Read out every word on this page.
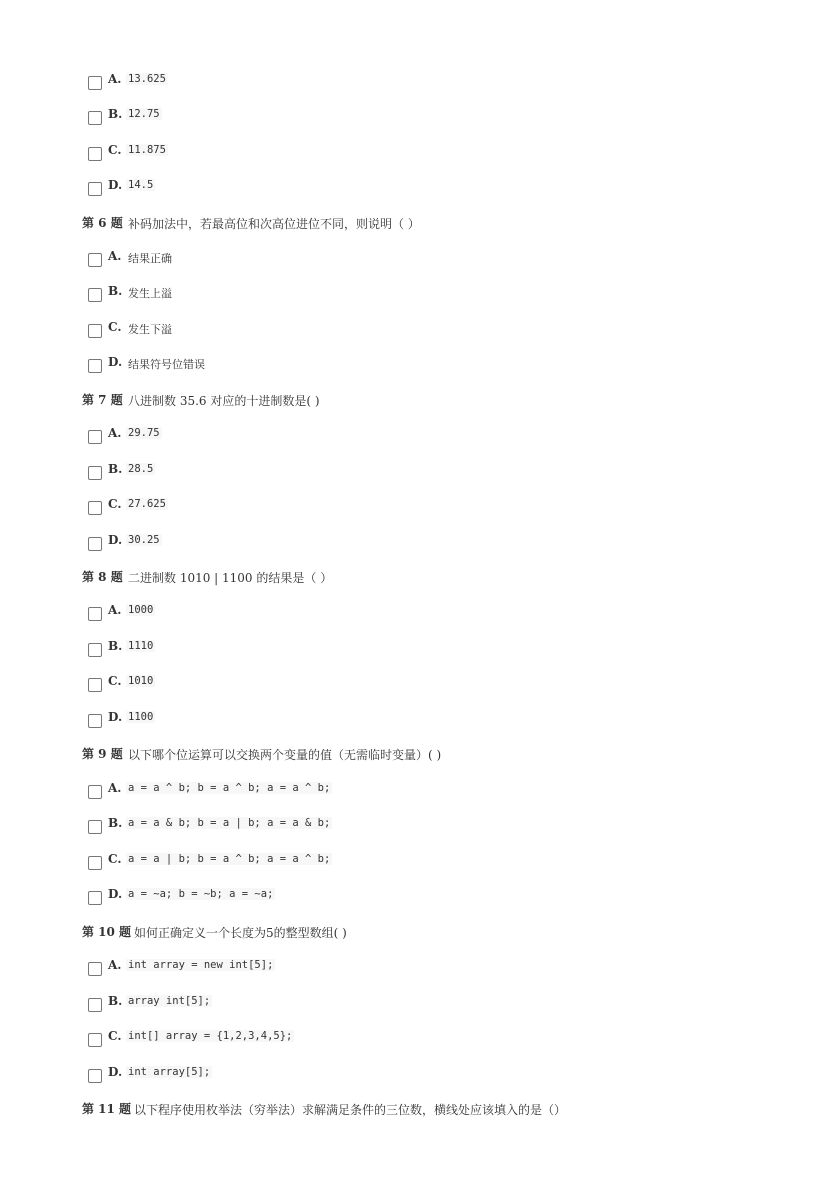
A. 13.625
B. 12.75
C. 11.875
D. 14.5
第 6 题 补码加法中，若最高位和次高位进位不同，则说明（ ）
A. 结果正确
B. 发生上溢
C. 发生下溢
D. 结果符号位错误
第 7 题 八进制数 35.6 对应的十进制数是( )
A. 29.75
B. 28.5
C. 27.625
D. 30.25
第 8 题 二进制数 1010 | 1100 的结果是（ ）
A. 1000
B. 1110
C. 1010
D. 1100
第 9 题 以下哪个位运算可以交换两个变量的值（无需临时变量）( )
A. a = a ^ b; b = a ^ b; a = a ^ b;
B. a = a & b; b = a | b; a = a & b;
C. a = a | b; b = a ^ b; a = a ^ b;
D. a = ~a; b = ~b; a = ~a;
第 10 题 如何正确定义一个长度为5的整型数组( )
A. int array = new int[5];
B. array int[5];
C. int[] array = {1,2,3,4,5};
D. int array[5];
第 11 题 以下程序使用枚举法（穷举法）求解满足条件的三位数，横线处应该填入的是（）
